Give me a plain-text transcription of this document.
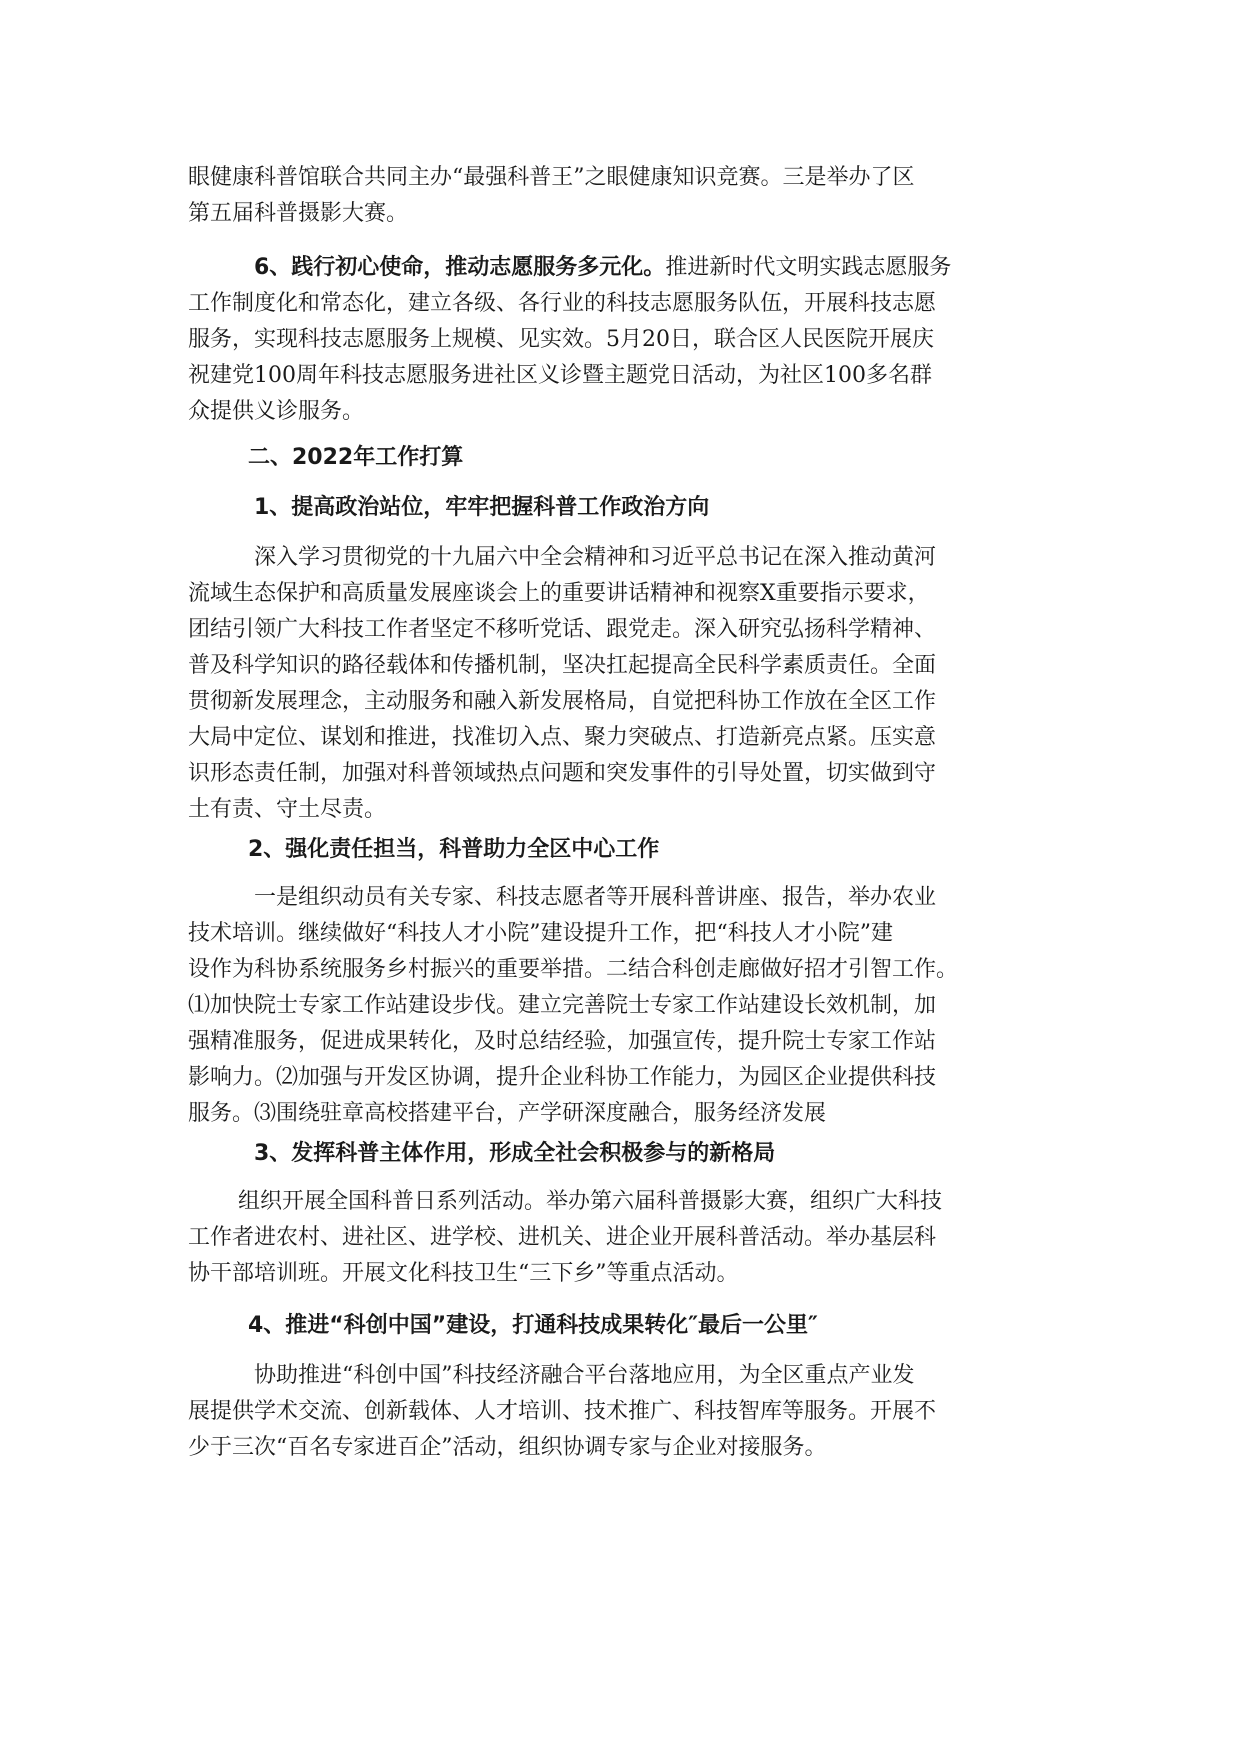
眼健康科普馆联合共同主办“最强科普王”之眼健康知识竞赛。三是举办了区
第五届科普摄影大赛。
6、践行初心使命，推动志愿服务多元化。推进新时代文明实践志愿服务
工作制度化和常态化，建立各级、各行业的科技志愿服务队伍，开展科技志愿
服务，实现科技志愿服务上规模、见实效。5月20日，联合区人民医院开展庆
祝建党100周年科技志愿服务进社区义诊暨主题党日活动，为社区100多名群
众提供义诊服务。
二、2022年工作打算
1、提高政治站位，牢牢把握科普工作政治方向
深入学习贯彻党的十九届六中全会精神和习近平总书记在深入推动黄河
流域生态保护和高质量发展座谈会上的重要讲话精神和视察X重要指示要求，
团结引领广大科技工作者坚定不移听党话、跟党走。深入研究弘扬科学精神、
普及科学知识的路径载体和传播机制，坚决扛起提高全民科学素质责任。全面
贯彻新发展理念，主动服务和融入新发展格局，自觉把科协工作放在全区工作
大局中定位、谋划和推进，找准切入点、聚力突破点、打造新亮点紧。压实意
识形态责任制，加强对科普领域热点问题和突发事件的引导处置，切实做到守
土有责、守土尽责。
2、强化责任担当，科普助力全区中心工作
一是组织动员有关专家、科技志愿者等开展科普讲座、报告，举办农业
技术培训。继续做好“科技人才小院”建设提升工作，把“科技人才小院”建
设作为科协系统服务乡村振兴的重要举措。二结合科创走廊做好招才引智工作。
⑴加快院士专家工作站建设步伐。建立完善院士专家工作站建设长效机制，加
强精准服务，促进成果转化，及时总结经验，加强宣传，提升院士专家工作站
影响力。⑵加强与开发区协调，提升企业科协工作能力，为园区企业提供科技
服务。⑶围绕驻章高校搭建平台，产学研深度融合，服务经济发展
3、发挥科普主体作用，形成全社会积极参与的新格局
组织开展全国科普日系列活动。举办第六届科普摄影大赛，组织广大科技
工作者进农村、进社区、进学校、进机关、进企业开展科普活动。举办基层科
协干部培训班。开展文化科技卫生“三下乡”等重点活动。
4、推进“科创中国”建设，打通科技成果转化″最后一公里″
协助推进“科创中国”科技经济融合平台落地应用，为全区重点产业发
展提供学术交流、创新载体、人才培训、技术推广、科技智库等服务。开展不
少于三次“百名专家进百企”活动，组织协调专家与企业对接服务。
